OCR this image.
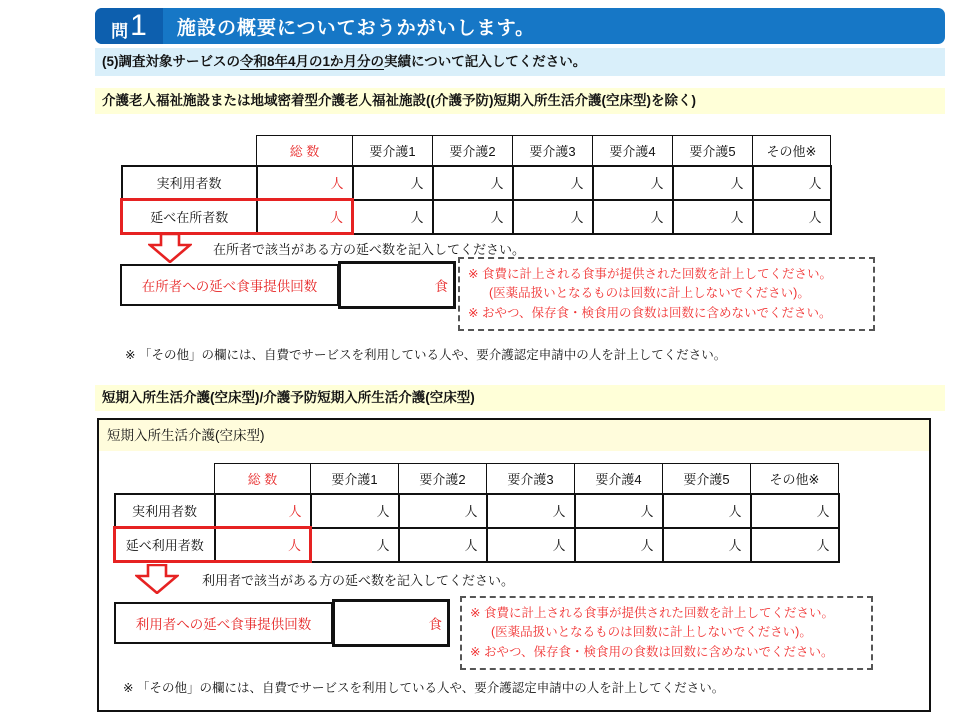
問 1 施設の概要についておうかがいします。
(5)調査対象サービスの令和8年4月の1か月分の実績について記入してください。
介護老人福祉施設または地域密着型介護老人福祉施設((介護予防)短期入所生活介護(空床型)を除く)
	総 数	要介護1	要介護2	要介護3	要介護4	要介護5	その他※
実利用者数	人	人	人	人	人	人	人
延べ在所者数	人	人	人	人	人	人	人
在所者で該当がある方の延べ数を記入してください。
在所者への延べ食事提供回数	食
※ 食費に計上される食事が提供された回数を計上してください。
(医薬品扱いとなるものは回数に計上しないでください)。
※ おやつ、保存食・検食用の食数は回数に含めないでください。
※ 「その他」の欄には、自費でサービスを利用している人や、要介護認定申請中の人を計上してください。
短期入所生活介護(空床型)/介護予防短期入所生活介護(空床型)
短期入所生活介護(空床型)
	総 数	要介護1	要介護2	要介護3	要介護4	要介護5	その他※
実利用者数	人	人	人	人	人	人	人
延べ利用者数	人	人	人	人	人	人	人
利用者で該当がある方の延べ数を記入してください。
利用者への延べ食事提供回数	食
※ 食費に計上される食事が提供された回数を計上してください。
(医薬品扱いとなるものは回数に計上しないでください)。
※ おやつ、保存食・検食用の食数は回数に含めないでください。
※ 「その他」の欄には、自費でサービスを利用している人や、要介護認定申請中の人を計上してください。
